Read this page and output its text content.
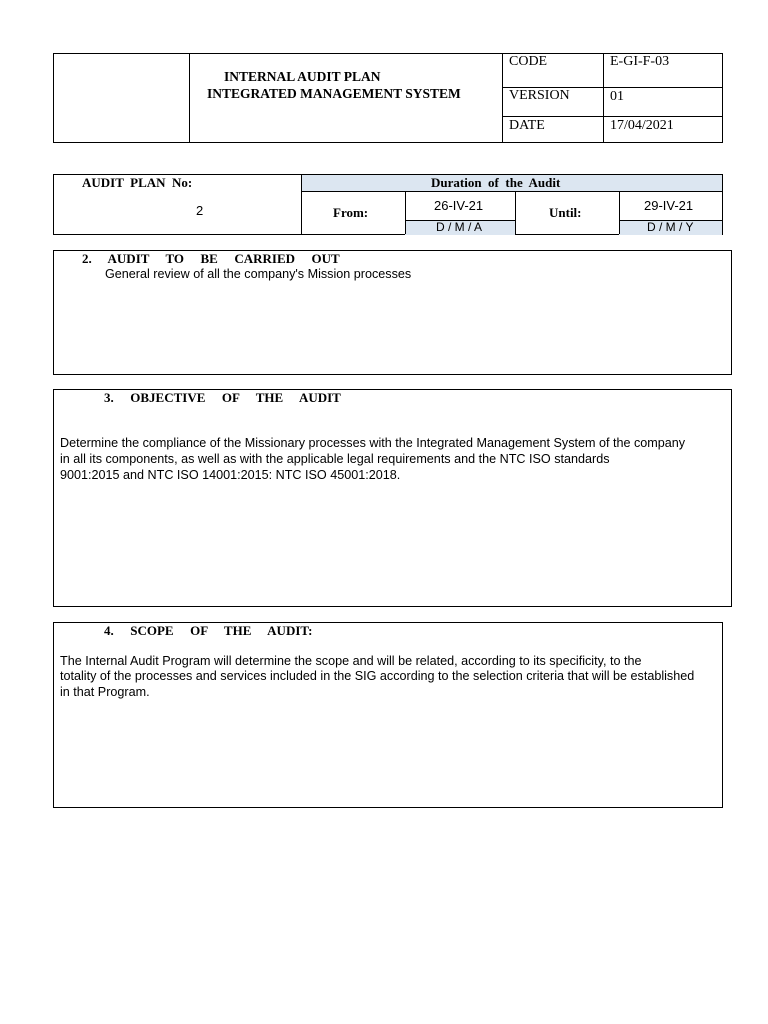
INTERNAL AUDIT PLAN
INTEGRATED MANAGEMENT SYSTEM
CODE	E-GI-F-03
VERSION	01
DATE	17/04/2021
AUDIT  PLAN  No:
2
Duration  of  the  Audit
From:	26-IV-21
D / M / A
Until:	29-IV-21
D / M / Y
2.  AUDIT  TO  BE  CARRIED  OUT
General review of all the company's Mission processes
3.  OBJECTIVE  OF  THE  AUDIT
Determine the compliance of the Missionary processes with the Integrated Management System of the company
in all its components, as well as with the applicable legal requirements and the NTC ISO standards
9001:2015 and NTC ISO 14001:2015: NTC ISO 45001:2018.
4.  SCOPE  OF  THE  AUDIT:
The Internal Audit Program will determine the scope and will be related, according to its specificity, to the
totality of the processes and services included in the SIG according to the selection criteria that will be established
in that Program.
